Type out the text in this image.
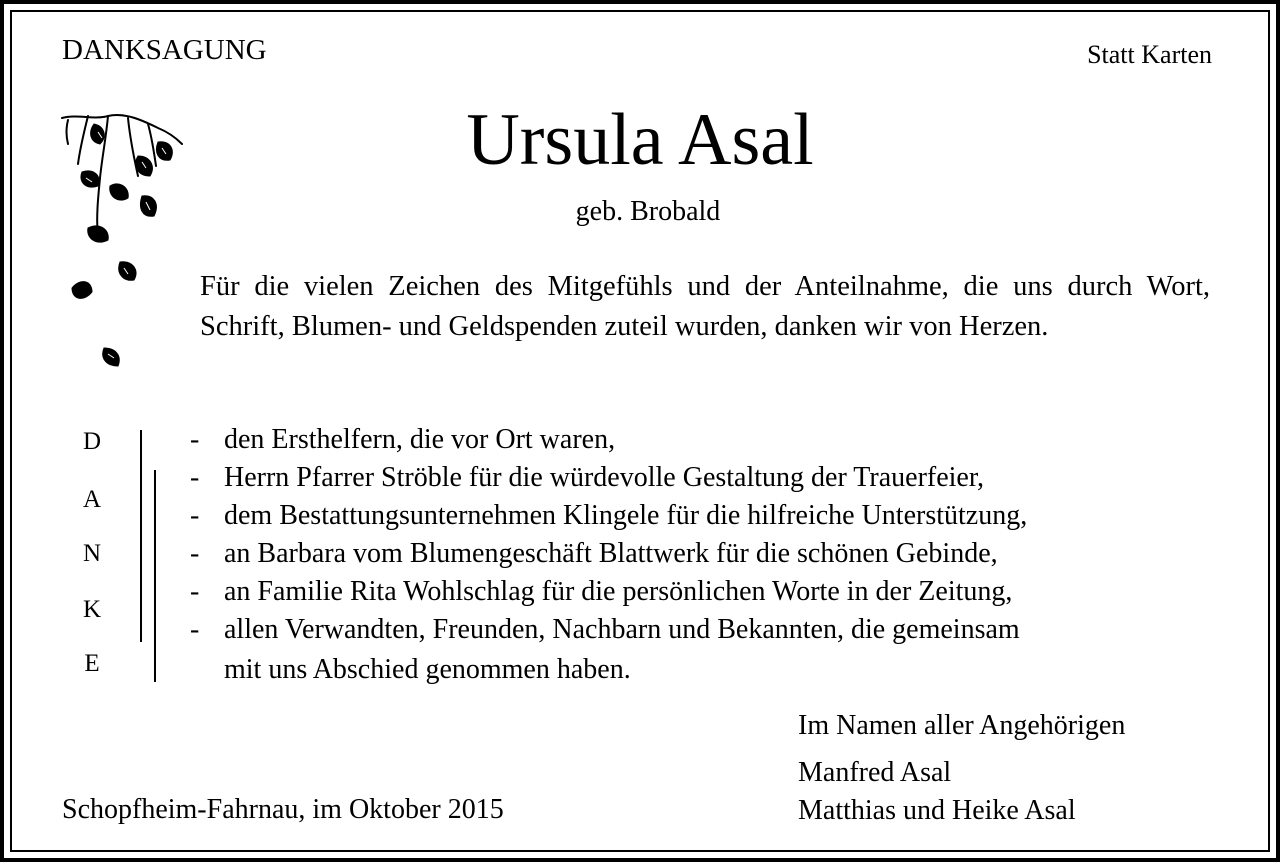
DANKSAGUNG	Statt Karten
Ursula Asal
geb. Brobald
Für die vielen Zeichen des Mitgefühls und der Anteilnahme, die uns durch Wort, Schrift, Blumen- und Geldspenden zuteil wurden, danken wir von Herzen.
D
A
N
K
E
- den Ersthelfern, die vor Ort waren,
- Herrn Pfarrer Ströble für die würdevolle Gestaltung der Trauerfeier,
- dem Bestattungsunternehmen Klingele für die hilfreiche Unterstützung,
- an Barbara vom Blumengeschäft Blattwerk für die schönen Gebinde,
- an Familie Rita Wohlschlag für die persönlichen Worte in der Zeitung,
- allen Verwandten, Freunden, Nachbarn und Bekannten, die gemeinsam
mit uns Abschied genommen haben.
Im Namen aller Angehörigen
Manfred Asal
Matthias und Heike Asal
Schopfheim-Fahrnau, im Oktober 2015
